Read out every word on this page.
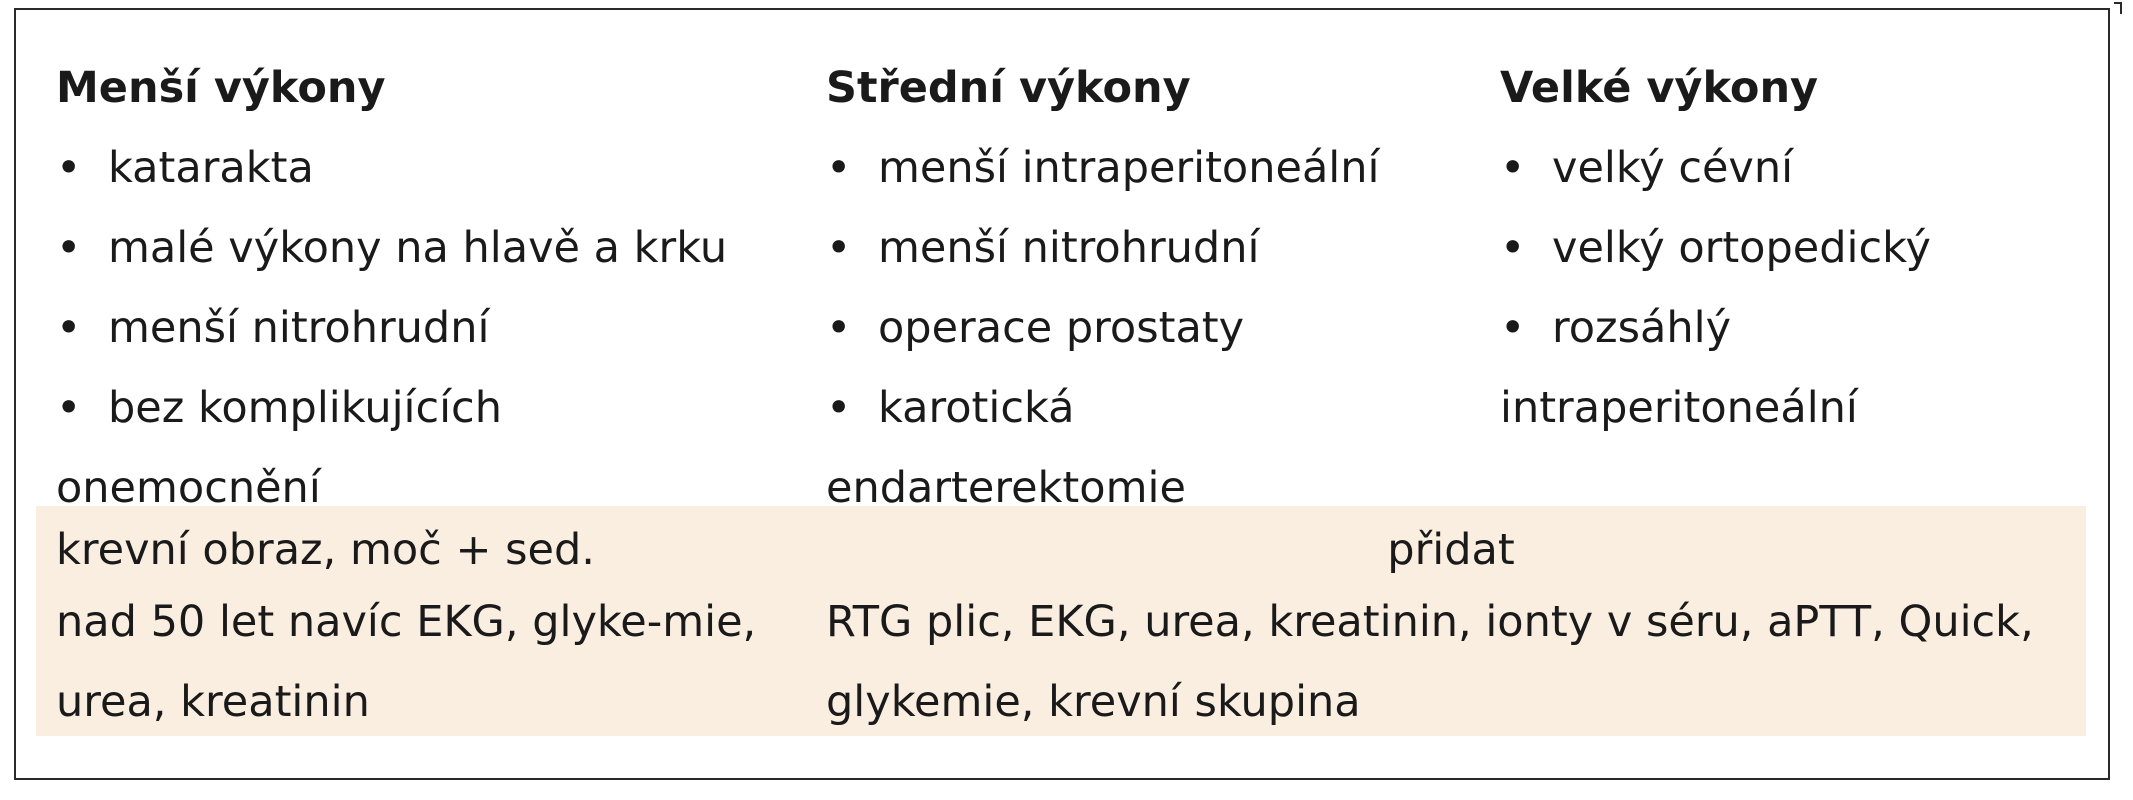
Menší výkony
• katarakta
• malé výkony na hlavě a krku
• menší nitrohrudní
• bez komplikujících onemocnění
Střední výkony
• menší intraperitoneální
• menší nitrohrudní
• operace prostaty
• karotická endarterektomie
Velké výkony
• velký cévní
• velký ortopedický
• rozsáhlý intraperitoneální
krevní obraz, moč + sed.	přidat
nad 50 let navíc EKG, glyke-mie, urea, kreatinin
RTG plic, EKG, urea, kreatinin, ionty v séru, aPTT, Quick, glykemie, krevní skupina
